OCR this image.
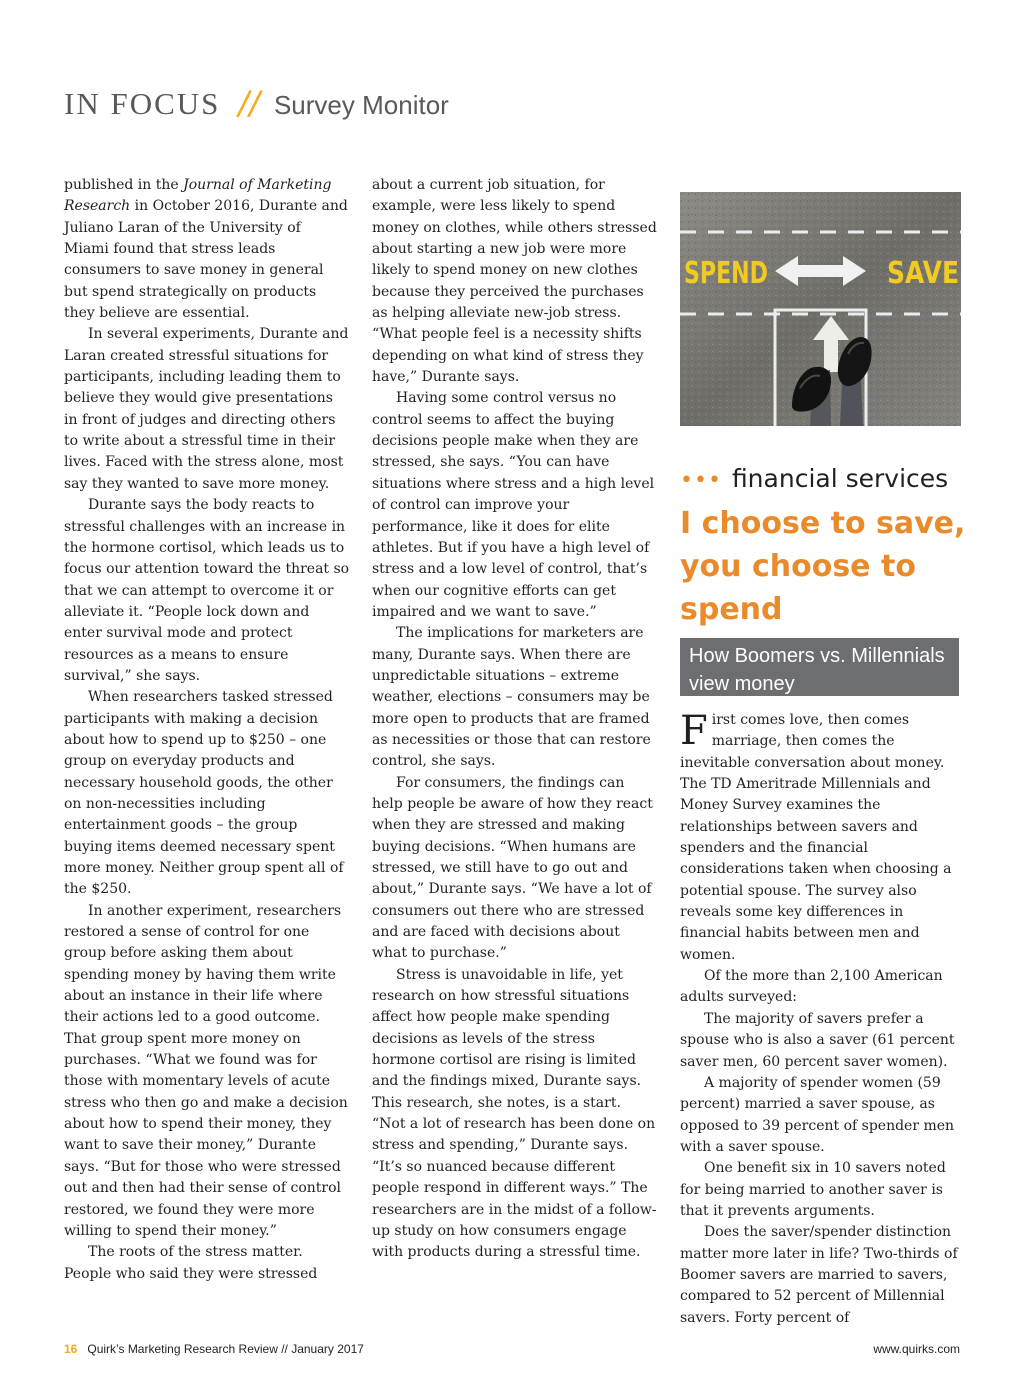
IN FOCUS // Survey Monitor

published in the Journal of Marketing Research in October 2016, Durante and Juliano Laran of the University of Miami found that stress leads consumers to save money in general but spend strategically on products they believe are essential.

In several experiments, Durante and Laran created stressful situations for participants, including leading them to believe they would give presentations in front of judges and directing others to write about a stressful time in their lives. Faced with the stress alone, most say they wanted to save more money.

Durante says the body reacts to stressful challenges with an increase in the hormone cortisol, which leads us to focus our attention toward the threat so that we can attempt to overcome it or alleviate it. “People lock down and enter survival mode and protect resources as a means to ensure survival,” she says.

When researchers tasked stressed participants with making a decision about how to spend up to $250 – one group on everyday products and necessary household goods, the other on non-necessities including entertainment goods – the group buying items deemed necessary spent more money. Neither group spent all of the $250.

In another experiment, researchers restored a sense of control for one group before asking them about spending money by having them write about an instance in their life where their actions led to a good outcome. That group spent more money on purchases. “What we found was for those with momentary levels of acute stress who then go and make a decision about how to spend their money, they want to save their money,” Durante says. “But for those who were stressed out and then had their sense of control restored, we found they were more willing to spend their money.”

The roots of the stress matter. People who said they were stressed

about a current job situation, for example, were less likely to spend money on clothes, while others stressed about starting a new job were more likely to spend money on new clothes because they perceived the purchases as helping alleviate new-job stress. “What people feel is a necessity shifts depending on what kind of stress they have,” Durante says.

Having some control versus no control seems to affect the buying decisions people make when they are stressed, she says. “You can have situations where stress and a high level of control can improve your performance, like it does for elite athletes. But if you have a high level of stress and a low level of control, that’s when our cognitive efforts can get impaired and we want to save.”

The implications for marketers are many, Durante says. When there are unpredictable situations – extreme weather, elections – consumers may be more open to products that are framed as necessities or those that can restore control, she says.

For consumers, the findings can help people be aware of how they react when they are stressed and making buying decisions. “When humans are stressed, we still have to go out and about,” Durante says. “We have a lot of consumers out there who are stressed and are faced with decisions about what to purchase.”

Stress is unavoidable in life, yet research on how stressful situations affect how people make spending decisions as levels of the stress hormone cortisol are rising is limited and the findings mixed, Durante says. This research, she notes, is a start. “Not a lot of research has been done on stress and spending,” Durante says. “It’s so nuanced because different people respond in different ways.” The researchers are in the midst of a follow-up study on how consumers engage with products during a stressful time.

SPEND	SAVE
••• financial services
I choose to save, you choose to spend
How Boomers vs. Millennials view money

First comes love, then comes marriage, then comes the inevitable conversation about money. The TD Ameritrade Millennials and Money Survey examines the relationships between savers and spenders and the financial considerations taken when choosing a potential spouse. The survey also reveals some key differences in financial habits between men and women.

Of the more than 2,100 American adults surveyed:

The majority of savers prefer a spouse who is also a saver (61 percent saver men, 60 percent saver women).

A majority of spender women (59 percent) married a saver spouse, as opposed to 39 percent of spender men with a saver spouse.

One benefit six in 10 savers noted for being married to another saver is that it prevents arguments.

Does the saver/spender distinction matter more later in life? Two-thirds of Boomer savers are married to savers, compared to 52 percent of Millennial savers. Forty percent of

16 Quirk’s Marketing Research Review // January 2017	www.quirks.com
